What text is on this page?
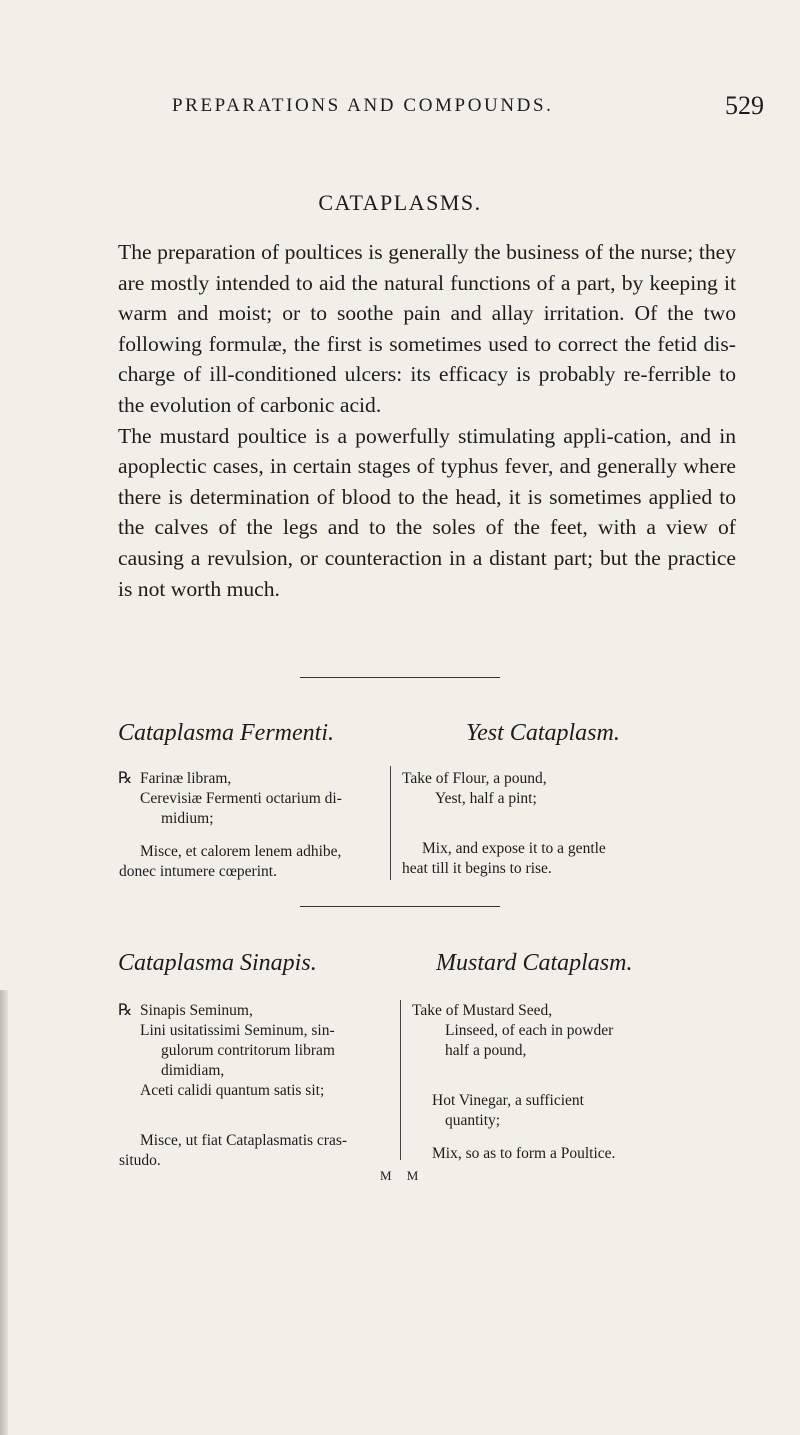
PREPARATIONS AND COMPOUNDS.	529
CATAPLASMS.

The preparation of poultices is generally the business of the nurse; they are mostly intended to aid the natural functions of a part, by keeping it warm and moist; or to soothe pain and allay irritation. Of the two following formulæ, the first is sometimes used to correct the fetid dis-charge of ill-conditioned ulcers: its efficacy is probably re-ferrible to the evolution of carbonic acid.

The mustard poultice is a powerfully stimulating appli-cation, and in apoplectic cases, in certain stages of typhus fever, and generally where there is determination of blood to the head, it is sometimes applied to the calves of the legs and to the soles of the feet, with a view of causing a revulsion, or counteraction in a distant part; but the practice is not worth much.

Cataplasma Fermenti.	Yest Cataplasm.
℞ Farinæ libram,

Cerevisiæ Fermenti octarium di-

midium;

Misce, et calorem lenem adhibe,

donec intumere cœperint.

Take of Flour, a pound,

Yest, half a pint;

Mix, and expose it to a gentle

heat till it begins to rise.

Cataplasma Sinapis.	Mustard Cataplasm.
℞ Sinapis Seminum,

Lini usitatissimi Seminum, sin-

gulorum contritorum libram

dimidiam,

Aceti calidi quantum satis sit;

Misce, ut fiat Cataplasmatis cras-

situdo.

Take of Mustard Seed,

Linseed, of each in powder

half a pound,

Hot Vinegar, a sufficient

quantity;

Mix, so as to form a Poultice.

M M
